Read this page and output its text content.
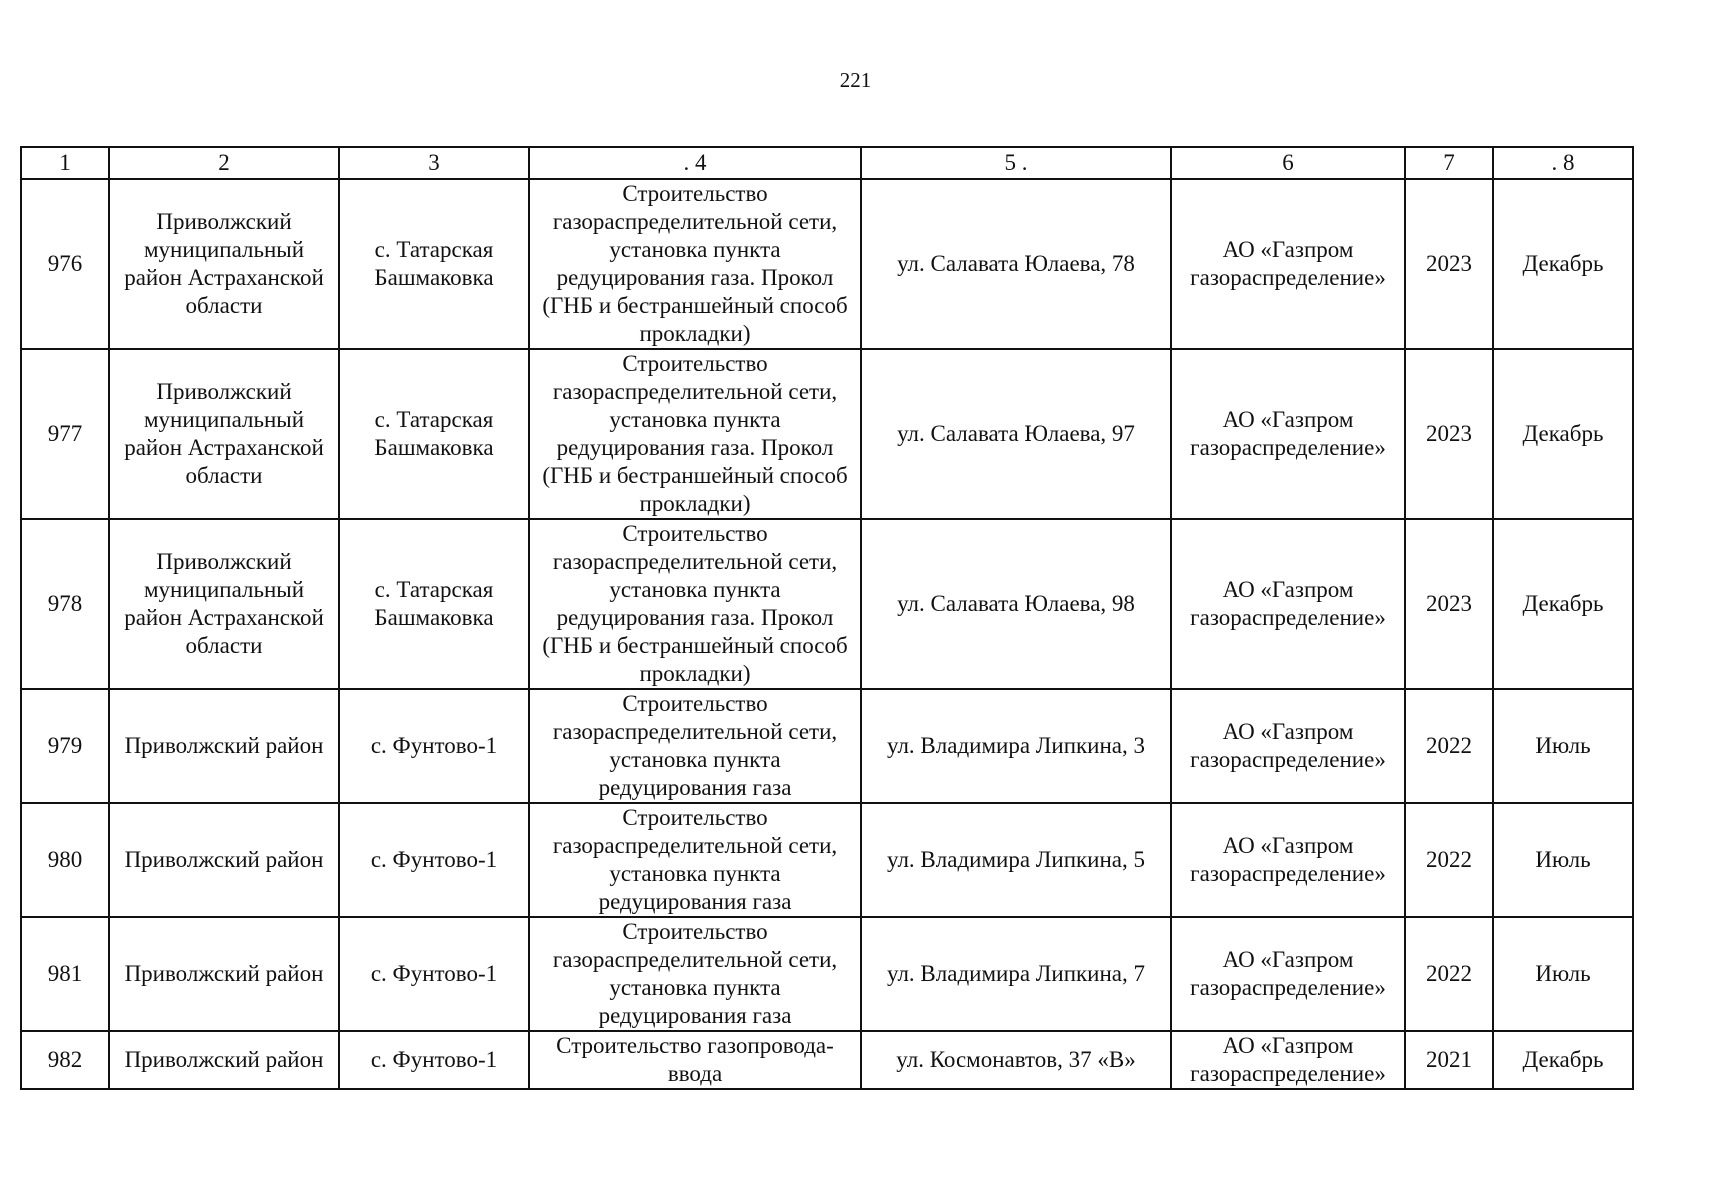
221
1	2	3	. 4	5 .	6	7	. 8
976	Приволжский муниципальный район Астраханской области	с. Татарская Башмаковка	Строительство газораспределительной сети, установка пункта редуцирования газа. Прокол (ГНБ и бестраншейный способ прокладки)	ул. Салавата Юлаева, 78	АО «Газпром газораспределение»	2023	Декабрь
977	Приволжский муниципальный район Астраханской области	с. Татарская Башмаковка	Строительство газораспределительной сети, установка пункта редуцирования газа. Прокол (ГНБ и бестраншейный способ прокладки)	ул. Салавата Юлаева, 97	АО «Газпром газораспределение»	2023	Декабрь
978	Приволжский муниципальный район Астраханской области	с. Татарская Башмаковка	Строительство газораспределительной сети, установка пункта редуцирования газа. Прокол (ГНБ и бестраншейный способ прокладки)	ул. Салавата Юлаева, 98	АО «Газпром газораспределение»	2023	Декабрь
979	Приволжский район	с. Фунтово-1	Строительство газораспределительной сети, установка пункта редуцирования газа	ул. Владимира Липкина, 3	АО «Газпром газораспределение»	2022	Июль
980	Приволжский район	с. Фунтово-1	Строительство газораспределительной сети, установка пункта редуцирования газа	ул. Владимира Липкина, 5	АО «Газпром газораспределение»	2022	Июль
981	Приволжский район	с. Фунтово-1	Строительство газораспределительной сети, установка пункта редуцирования газа	ул. Владимира Липкина, 7	АО «Газпром газораспределение»	2022	Июль
982	Приволжский район	с. Фунтово-1	Строительство газопровода-ввода	ул. Космонавтов, 37 «В»	АО «Газпром газораспределение»	2021	Декабрь
